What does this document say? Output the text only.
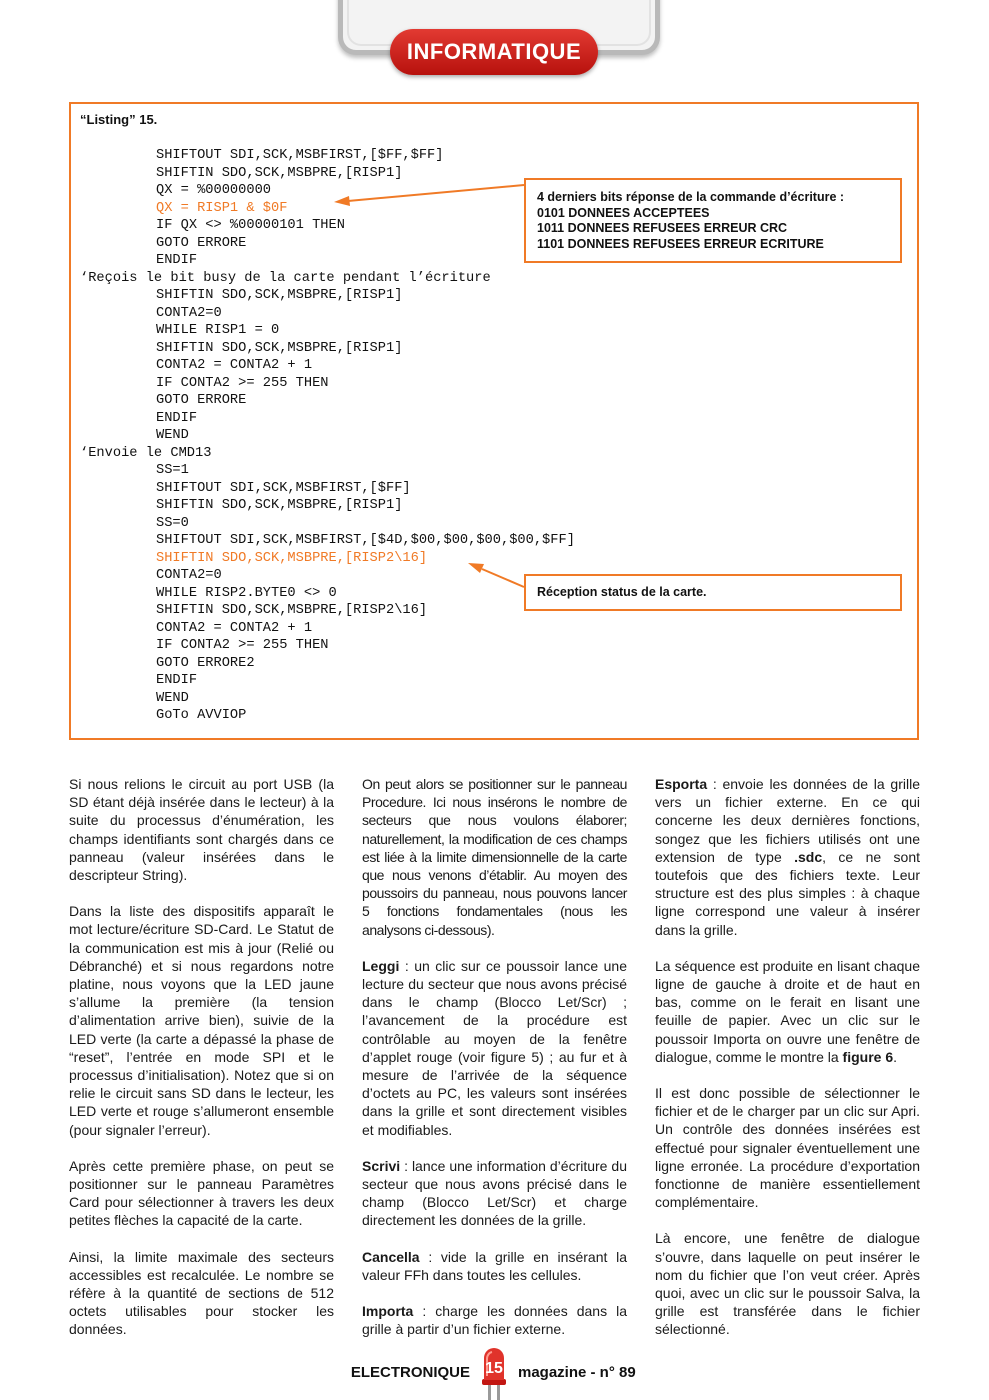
INFORMATIQUE
“Listing” 15.
SHIFTOUT SDI,SCK,MSBFIRST,[$FF,$FF]
SHIFTIN SDO,SCK,MSBPRE,[RISP1]
QX = %00000000
QX = RISP1 & $0F
IF QX <> %00000101 THEN
GOTO ERRORE
ENDIF
‘Reçois le bit busy de la carte pendant l’écriture
SHIFTIN SDO,SCK,MSBPRE,[RISP1]
CONTA2=0
WHILE RISP1 = 0
SHIFTIN SDO,SCK,MSBPRE,[RISP1]
CONTA2 = CONTA2 + 1
IF CONTA2 >= 255 THEN
GOTO ERRORE
ENDIF
WEND
‘Envoie le CMD13
SS=1
SHIFTOUT SDI,SCK,MSBFIRST,[$FF]
SHIFTIN SDO,SCK,MSBPRE,[RISP1]
SS=0
SHIFTOUT SDI,SCK,MSBFIRST,[$4D,$00,$00,$00,$00,$FF]
SHIFTIN SDO,SCK,MSBPRE,[RISP2\16]
CONTA2=0
WHILE RISP2.BYTE0 <> 0
SHIFTIN SDO,SCK,MSBPRE,[RISP2\16]
CONTA2 = CONTA2 + 1
IF CONTA2 >= 255 THEN
GOTO ERRORE2
ENDIF
WEND
GoTo AVVIOP
4 derniers bits réponse de la commande d’écriture :
0101 DONNEES ACCEPTEES
1011 DONNEES REFUSEES ERREUR CRC
1101 DONNEES REFUSEES ERREUR ECRITURE
Réception status de la carte.

Si nous relions le circuit au port USB (la SD étant déjà insérée dans le lecteur) à la suite du processus d’énumération, les champs identifiants sont chargés dans ce panneau (valeur insérées dans le descripteur String).

Dans la liste des dispositifs apparaît le mot lecture/écriture SD-Card. Le Statut de la communication est mis à jour (Relié ou Débranché) et si nous regardons notre platine, nous voyons que la LED jaune s’allume la première (la tension d’alimentation arrive bien), suivie de la LED verte (la carte a dépassé la phase de “reset”, l’entrée en mode SPI et le processus d’initialisation). Notez que si on relie le circuit sans SD dans le lecteur, les LED verte et rouge s’allumeront ensemble (pour signaler l’erreur).

Après cette première phase, on peut se positionner sur le panneau Paramètres Card pour sélectionner à travers les deux petites flèches la capacité de la carte.

Ainsi, la limite maximale des secteurs accessibles est recalculée. Le nombre se réfère à la quantité de sections de 512 octets utilisables pour stocker les données.

On peut alors se positionner sur le panneau Procedure. Ici nous insérons le nombre de secteurs que nous voulons élaborer; naturellement, la modification de ces champs est liée à la limite dimensionnelle de la carte que nous venons d’établir. Au moyen des poussoirs du panneau, nous pouvons lancer 5 fonctions fondamentales (nous les analysons ci-dessous).

Leggi : un clic sur ce poussoir lance une lecture du secteur que nous avons précisé dans le champ (Blocco Let/Scr) ; l’avancement de la procédure est contrôlable au moyen de la fenêtre d’applet rouge (voir figure 5) ; au fur et à mesure de l’arrivée de la séquence d’octets au PC, les valeurs sont insérées dans la grille et sont directement visibles et modifiables.

Scrivi : lance une information d’écriture du secteur que nous avons précisé dans le champ (Blocco Let/Scr) et charge directement les données de la grille.

Cancella : vide la grille en insérant la valeur FFh dans toutes les cellules.

Importa : charge les données dans la grille à partir d’un fichier externe.

Esporta : envoie les données de la grille vers un fichier externe. En ce qui concerne les deux dernières fonctions, songez que les fichiers utilisés ont une extension de type .sdc, ce ne sont toutefois que des fichiers texte. Leur structure est des plus simples : à chaque ligne correspond une valeur à insérer dans la grille.

La séquence est produite en lisant chaque ligne de gauche à droite et de haut en bas, comme on le ferait en lisant une feuille de papier. Avec un clic sur le poussoir Importa on ouvre une fenêtre de dialogue, comme le montre la figure 6.

Il est donc possible de sélectionner le fichier et de le charger par un clic sur Apri. Un contrôle des données insérées est effectué pour signaler éventuellement une ligne erronée. La procédure d’exportation fonctionne de manière essentiellement complémentaire.

Là encore, une fenêtre de dialogue s’ouvre, dans laquelle on peut insérer le nom du fichier que l’on veut créer. Après quoi, avec un clic sur le poussoir Salva, la grille est transférée dans le fichier sélectionné.

ELECTRONIQUE 15 magazine - n° 89
